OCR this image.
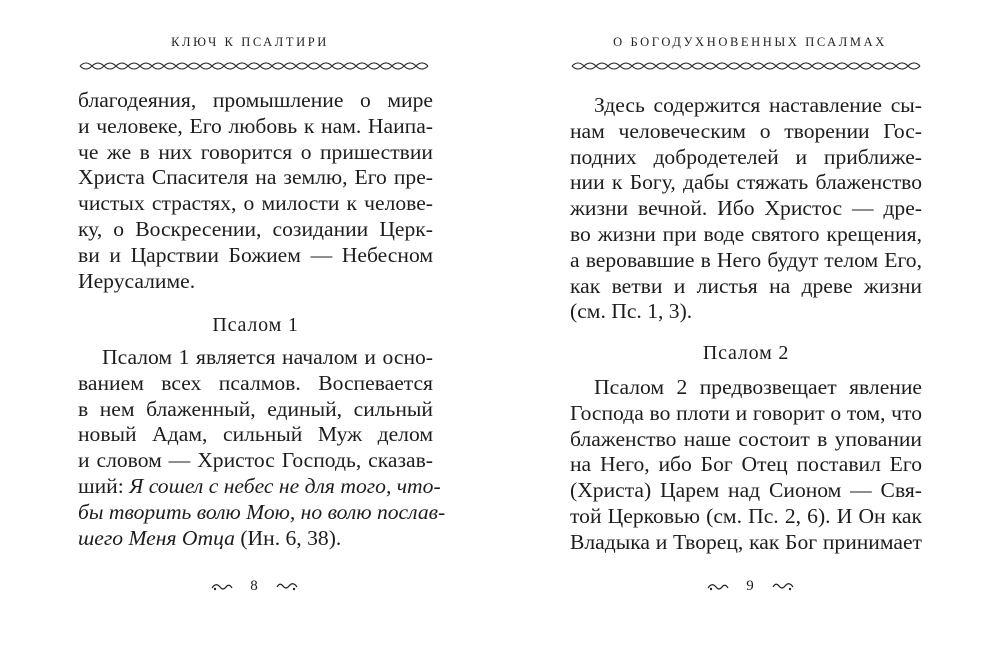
КЛЮЧ К ПСАЛТИРИ
благодеяния, промышление о мире
и человеке, Его любовь к нам. Наипа-
че же в них говорится о пришествии
Христа Спасителя на землю, Его пре-
чистых страстях, о милости к челове-
ку, о Воскресении, созидании Церк-
ви и Царствии Божием — Небесном
Иерусалиме.
Псалом 1
Псалом 1 является началом и осно-
ванием всех псалмов. Воспевается
в нем блаженный, единый, сильный
новый Адам, сильный Муж делом
и словом — Христос Господь, сказав-
ший: Я сошел с небес не для того, что-
бы творить волю Мою, но волю послав-
шего Меня Отца (Ин. 6, 38).
8
О БОГОДУХНОВЕННЫХ ПСАЛМАХ
Здесь содержится наставление сы-
нам человеческим о творении Гос-
подних добродетелей и приближе-
нии к Богу, дабы стяжать блаженство
жизни вечной. Ибо Христос — дре-
во жизни при воде святого крещения,
а веровавшие в Него будут телом Его,
как ветви и листья на древе жизни
(см. Пс. 1, 3).
Псалом 2
Псалом 2 предвозвещает явление
Господа во плоти и говорит о том, что
блаженство наше состоит в уповании
на Него, ибо Бог Отец поставил Его
(Христа) Царем над Сионом — Свя-
той Церковью (см. Пс. 2, 6). И Он как
Владыка и Творец, как Бог принимает
9
